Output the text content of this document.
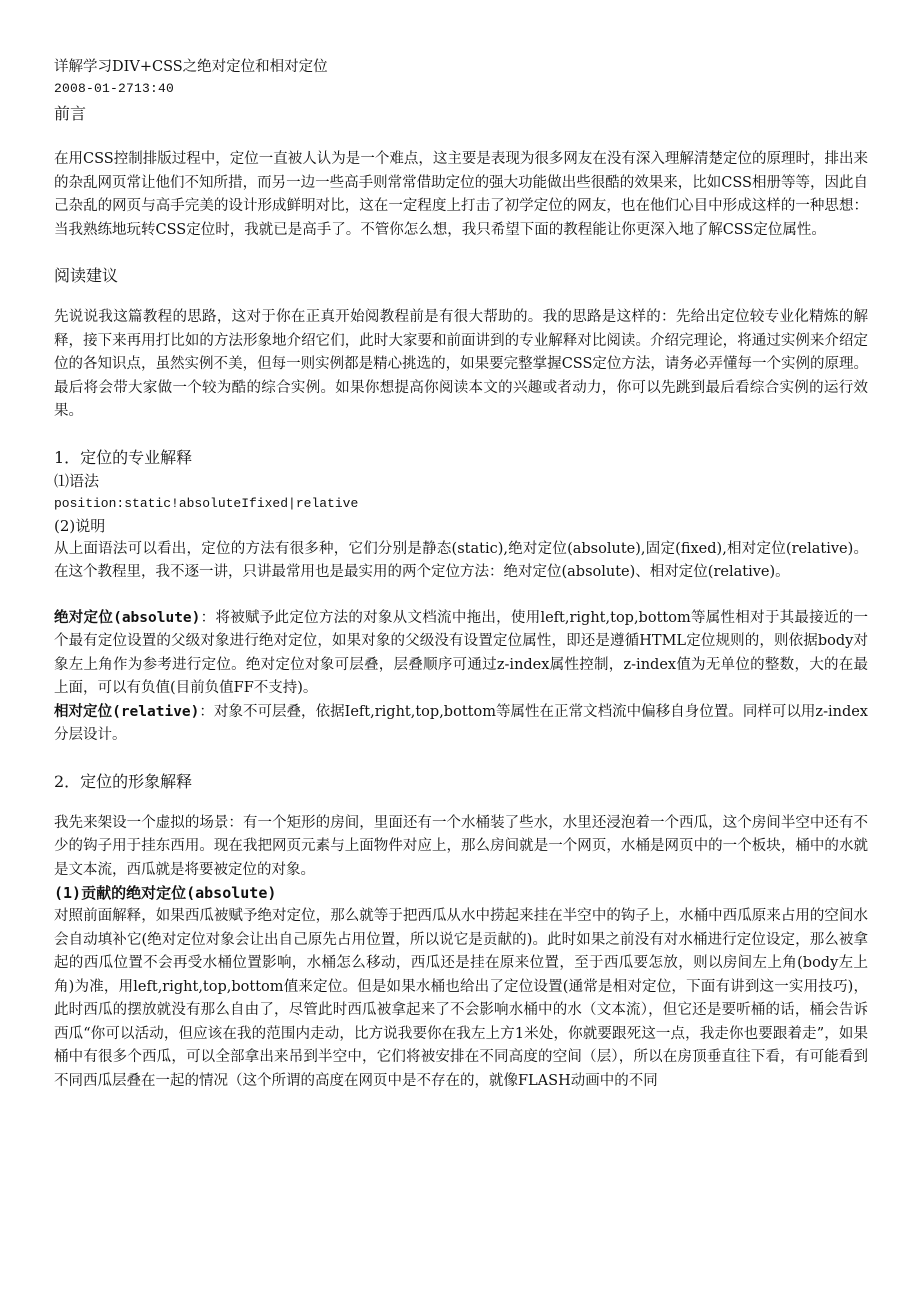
详解学习DIV+CSS之绝对定位和相对定位

2008-01-2713:40

前言

在用CSS控制排版过程中，定位一直被人认为是一个难点，这主要是表现为很多网友在没有深入理解清楚定位的原理时，排出来的杂乱网页常让他们不知所措，而另一边一些高手则常常借助定位的强大功能做出些很酷的效果来，比如CSS相册等等，因此自己杂乱的网页与高手完美的设计形成鲜明对比，这在一定程度上打击了初学定位的网友，也在他们心目中形成这样的一种思想：当我熟练地玩转CSS定位时，我就已是高手了。不管你怎么想，我只希望下面的教程能让你更深入地了解CSS定位属性。

阅读建议

先说说我这篇教程的思路，这对于你在正真开始阅教程前是有很大帮助的。我的思路是这样的：先给出定位较专业化精炼的解释，接下来再用打比如的方法形象地介绍它们，此时大家要和前面讲到的专业解释对比阅读。介绍完理论，将通过实例来介绍定位的各知识点，虽然实例不美，但每一则实例都是精心挑选的，如果要完整掌握CSS定位方法，请务必弄懂每一个实例的原理。最后将会带大家做一个较为酷的综合实例。如果你想提高你阅读本文的兴趣或者动力，你可以先跳到最后看综合实例的运行效果。

1．定位的专业解释

⑴语法

position:static!absoluteIfixed|relative

(2)说明

从上面语法可以看出，定位的方法有很多种，它们分别是静态(static),绝对定位(absolute),固定(fixed),相对定位(relative)。在这个教程里，我不逐一讲，只讲最常用也是最实用的两个定位方法：绝对定位(absolute)、相对定位(relative)。

绝对定位(absolute)：将被赋予此定位方法的对象从文档流中拖出，使用left,right,top,bottom等属性相对于其最接近的一个最有定位设置的父级对象进行绝对定位，如果对象的父级没有设置定位属性，即还是遵循HTML定位规则的，则依据body对象左上角作为参考进行定位。绝对定位对象可层叠，层叠顺序可通过z-index属性控制，z-index值为无单位的整数，大的在最上面，可以有负值(目前负值FF不支持)。

相对定位(relative)：对象不可层叠，依据Ieft,right,top,bottom等属性在正常文档流中偏移自身位置。同样可以用z-index分层设计。

2．定位的形象解释

我先来架设一个虚拟的场景：有一个矩形的房间，里面还有一个水桶装了些水，水里还浸泡着一个西瓜，这个房间半空中还有不少的钩子用于挂东西用。现在我把网页元素与上面物件对应上，那么房间就是一个网页，水桶是网页中的一个板块，桶中的水就是文本流，西瓜就是将要被定位的对象。

(1)贡献的绝对定位(absolute)

对照前面解释，如果西瓜被赋予绝对定位，那么就等于把西瓜从水中捞起来挂在半空中的钩子上，水桶中西瓜原来占用的空间水会自动填补它(绝对定位对象会让出自己原先占用位置，所以说它是贡献的)。此时如果之前没有对水桶进行定位设定，那么被拿起的西瓜位置不会再受水桶位置影响，水桶怎么移动，西瓜还是挂在原来位置，至于西瓜要怎放，则以房间左上角(body左上角)为准，用left,right,top,bottom值来定位。但是如果水桶也给出了定位设置(通常是相对定位，下面有讲到这一实用技巧)，此时西瓜的摆放就没有那么自由了，尽管此时西瓜被拿起来了不会影响水桶中的水（文本流），但它还是要听桶的话，桶会告诉西瓜“你可以活动，但应该在我的范围内走动，比方说我要你在我左上方1米处，你就要跟死这一点，我走你也要跟着走”，如果桶中有很多个西瓜，可以全部拿出来吊到半空中，它们将被安排在不同高度的空间（层），所以在房顶垂直往下看，有可能看到不同西瓜层叠在一起的情况（这个所谓的高度在网页中是不存在的，就像FLASH动画中的不同
